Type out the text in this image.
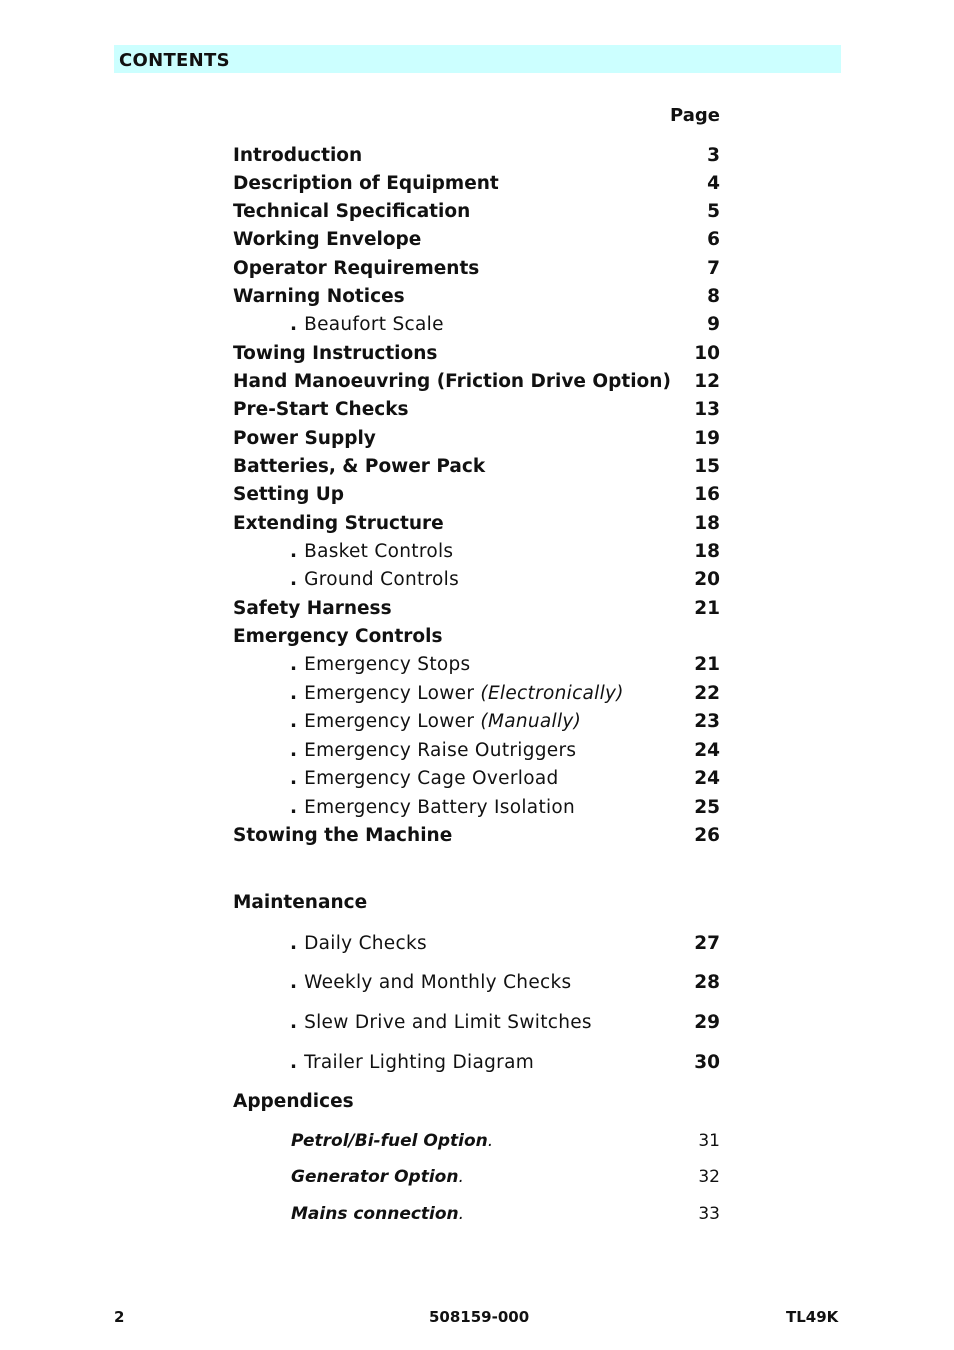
CONTENTS
Page
Introduction	3
Description of Equipment	4
Technical Specification	5
Working Envelope	6
Operator Requirements	7
Warning Notices	8
. Beaufort Scale	9
Towing Instructions	10
Hand Manoeuvring (Friction Drive Option) 12
Pre-Start Checks	13
Power Supply	19
Batteries, & Power Pack	15
Setting Up	16
Extending Structure	18
. Basket Controls	18
. Ground Controls	20
Safety Harness	21
Emergency Controls
. Emergency Stops	21
. Emergency Lower (Electronically)	22
. Emergency Lower (Manually)	23
. Emergency Raise Outriggers	24
. Emergency Cage Overload	24
. Emergency Battery Isolation	25
Stowing the Machine	26
Maintenance
. Daily Checks	27
. Weekly and Monthly Checks	28
. Slew Drive and Limit Switches	29
. Trailer Lighting Diagram	30
Appendices
Petrol/Bi-fuel Option.	31
Generator Option.	32
Mains connection.	33
2	508159-000	TL49K
